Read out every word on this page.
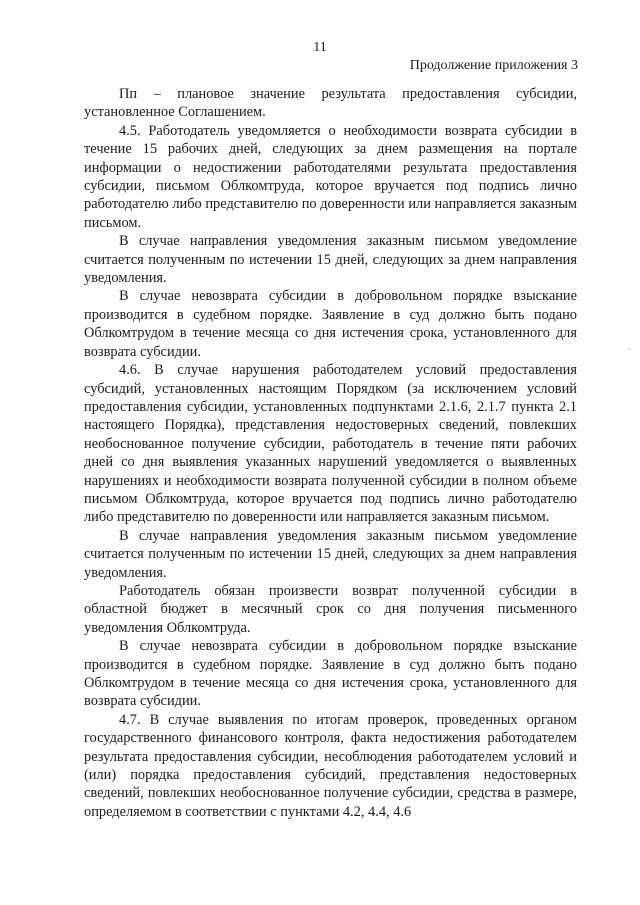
11
Продолжение приложения 3

Пп – плановое значение результата предоставления субсидии, установленное Соглашением.

4.5. Работодатель уведомляется о необходимости возврата субсидии в течение 15 рабочих дней, следующих за днем размещения на портале информации о недостижении работодателями результата предоставления субсидии, письмом Облкомтруда, которое вручается под подпись лично работодателю либо представителю по доверенности или направляется заказным письмом.

В случае направления уведомления заказным письмом уведомление считается полученным по истечении 15 дней, следующих за днем направления уведомления.

В случае невозврата субсидии в добровольном порядке взыскание производится в судебном порядке. Заявление в суд должно быть подано Облкомтрудом в течение месяца со дня истечения срока, установленного для возврата субсидии.

4.6. В случае нарушения работодателем условий предоставления субсидий, установленных настоящим Порядком (за исключением условий предоставления субсидии, установленных подпунктами 2.1.6, 2.1.7 пункта 2.1 настоящего Порядка), представления недостоверных сведений, повлекших необоснованное получение субсидии, работодатель в течение пяти рабочих дней со дня выявления указанных нарушений уведомляется о выявленных нарушениях и необходимости возврата полученной субсидии в полном объеме письмом Облкомтруда, которое вручается под подпись лично работодателю либо представителю по доверенности или направляется заказным письмом.

В случае направления уведомления заказным письмом уведомление считается полученным по истечении 15 дней, следующих за днем направления уведомления.

Работодатель обязан произвести возврат полученной субсидии в областной бюджет в месячный срок со дня получения письменного уведомления Облкомтруда.

В случае невозврата субсидии в добровольном порядке взыскание производится в судебном порядке. Заявление в суд должно быть подано Облкомтрудом в течение месяца со дня истечения срока, установленного для возврата субсидии.

4.7. В случае выявления по итогам проверок, проведенных органом государственного финансового контроля, факта недостижения работодателем результата предоставления субсидии, несоблюдения работодателем условий и (или) порядка предоставления субсидий, представления недостоверных сведений, повлекших необоснованное получение субсидии, средства в размере, определяемом в соответствии с пунктами 4.2, 4.4, 4.6
